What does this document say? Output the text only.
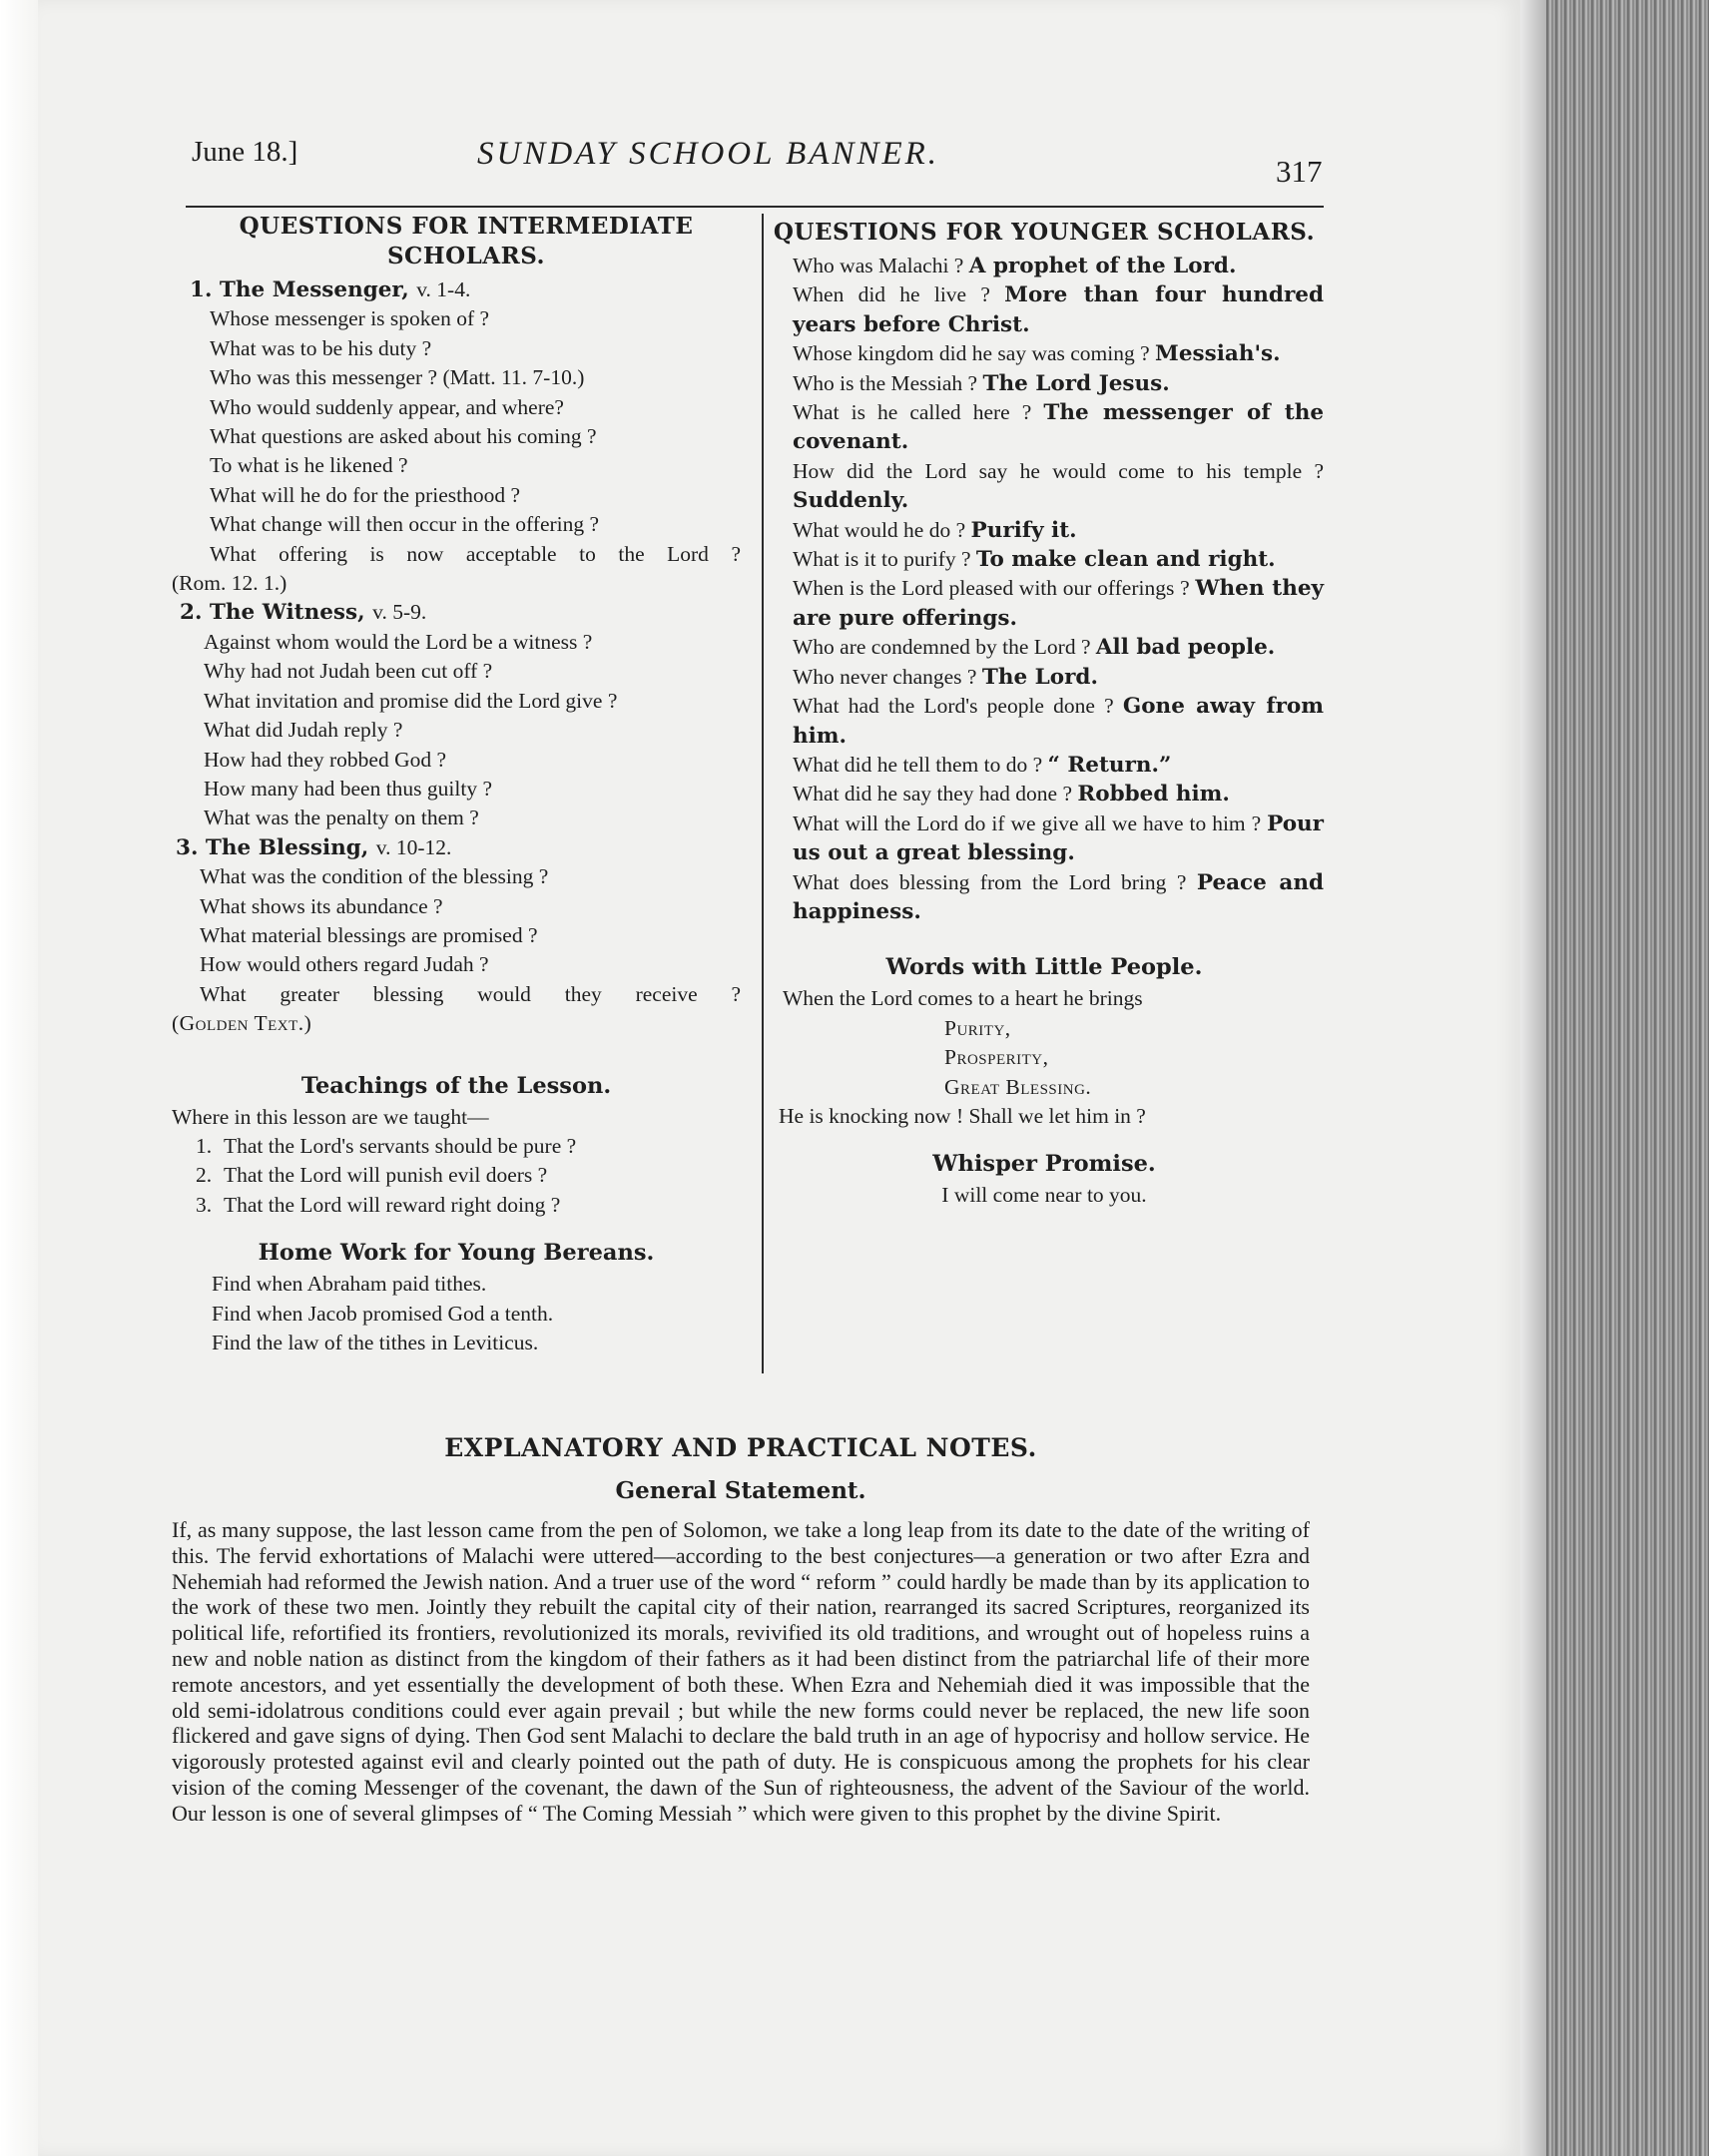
June 18.]	SUNDAY SCHOOL BANNER.	317
QUESTIONS FOR INTERMEDIATE SCHOLARS.
1. The Messenger, v. 1-4.
Whose messenger is spoken of ?
What was to be his duty ?
Who was this messenger ? (Matt. 11. 7-10.)
Who would suddenly appear, and where?
What questions are asked about his coming ?
To what is he likened ?
What will he do for the priesthood ?
What change will then occur in the offering ?
What offering is now acceptable to the Lord ?
(Rom. 12. 1.)
2. The Witness, v. 5-9.
Against whom would the Lord be a witness ?
Why had not Judah been cut off ?
What invitation and promise did the Lord give ?
What did Judah reply ?
How had they robbed God ?
How many had been thus guilty ?
What was the penalty on them ?
3. The Blessing, v. 10-12.
What was the condition of the blessing ?
What shows its abundance ?
What material blessings are promised ?
How would others regard Judah ?
What greater blessing would they receive ?
(Golden Text.)
Teachings of the Lesson.
Where in this lesson are we taught—
1. That the Lord's servants should be pure ?
2. That the Lord will punish evil doers ?
3. That the Lord will reward right doing ?
Home Work for Young Bereans.
Find when Abraham paid tithes.
Find when Jacob promised God a tenth.
Find the law of the tithes in Leviticus.
QUESTIONS FOR YOUNGER SCHOLARS.
Who was Malachi ? A prophet of the Lord.
When did he live ? More than four hundred years before Christ.
Whose kingdom did he say was coming ? Messiah's.
Who is the Messiah ? The Lord Jesus.
What is he called here ? The messenger of the covenant.
How did the Lord say he would come to his temple ? Suddenly.
What would he do ? Purify it.
What is it to purify ? To make clean and right.
When is the Lord pleased with our offerings ? When they are pure offerings.
Who are condemned by the Lord ? All bad people.
Who never changes ? The Lord.
What had the Lord's people done ? Gone away from him.
What did he tell them to do ? “ Return.”
What did he say they had done ? Robbed him.
What will the Lord do if we give all we have to him ? Pour us out a great blessing.
What does blessing from the Lord bring ? Peace and happiness.
Words with Little People.
When the Lord comes to a heart he brings
Purity,
Prosperity,
Great Blessing.
He is knocking now ! Shall we let him in ?
Whisper Promise.
I will come near to you.
EXPLANATORY AND PRACTICAL NOTES.
General Statement.
If, as many suppose, the last lesson came from the pen of Solomon, we take a long leap from its date to the date of the writing of this. The fervid exhortations of Malachi were uttered—according to the best conjectures—a generation or two after Ezra and Nehemiah had reformed the Jewish nation. And a truer use of the word “ reform ” could hardly be made than by its application to the work of these two men. Jointly they rebuilt the capital city of their nation, rearranged its sacred Scriptures, reorganized its political life, refortified its frontiers, revolutionized its morals, revivified its old traditions, and wrought out of hopeless ruins a new and noble nation as distinct from the kingdom of their fathers as it had been distinct from the patriarchal life of their more remote ancestors, and yet essentially the development of both these. When Ezra and Nehemiah died it was impossible that the old semi-idolatrous conditions could ever again prevail ; but while the new forms could never be replaced, the new life soon flickered and gave signs of dying. Then God sent Malachi to declare the bald truth in an age of hypocrisy and hollow service. He vigorously protested against evil and clearly pointed out the path of duty. He is conspicuous among the prophets for his clear vision of the coming Messenger of the covenant, the dawn of the Sun of righteousness, the advent of the Saviour of the world. Our lesson is one of several glimpses of “ The Coming Messiah ” which were given to this prophet by the divine Spirit.
